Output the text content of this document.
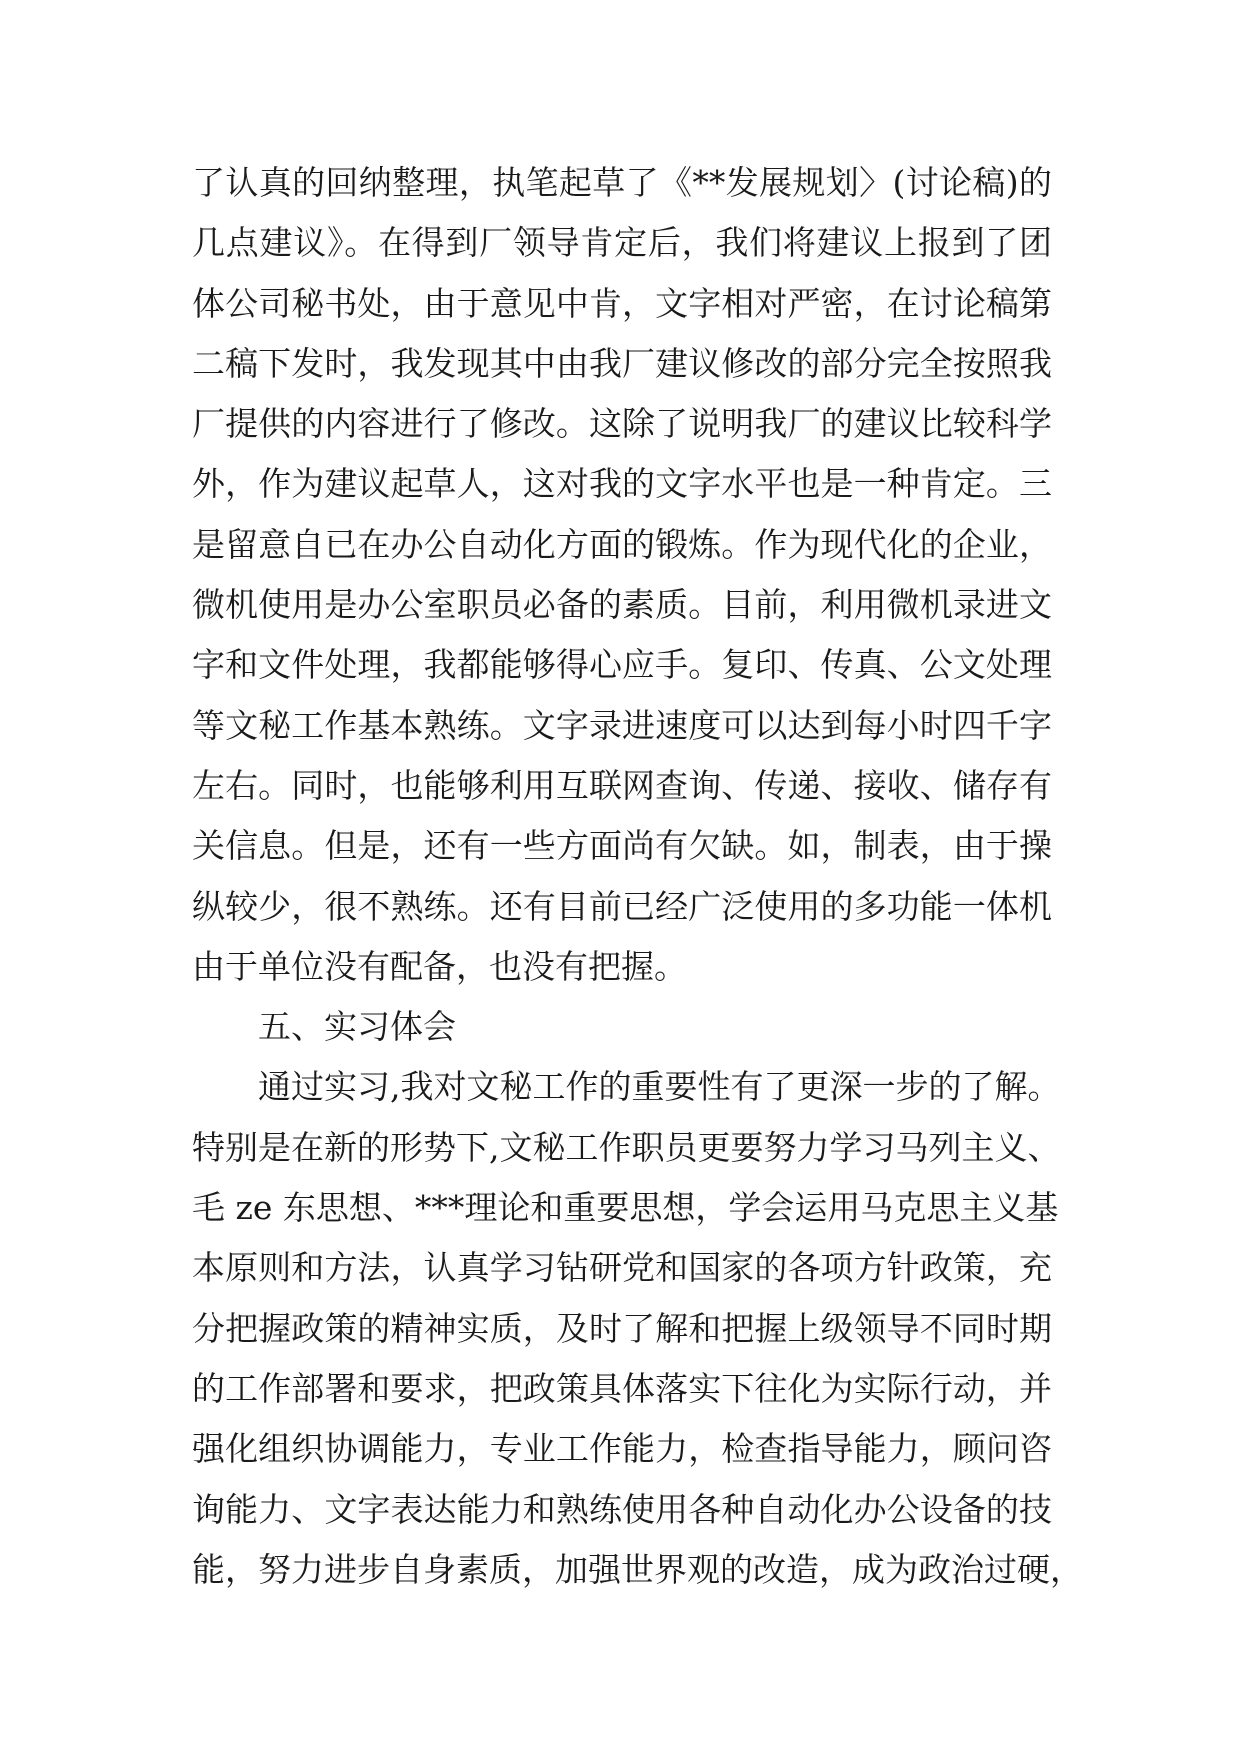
了认真的回纳整理，执笔起草了《**发展规划〉(讨论稿)的
几点建议》。在得到厂领导肯定后，我们将建议上报到了团
体公司秘书处，由于意见中肯，文字相对严密，在讨论稿第
二稿下发时，我发现其中由我厂建议修改的部分完全按照我
厂提供的内容进行了修改。这除了说明我厂的建议比较科学
外，作为建议起草人，这对我的文字水平也是一种肯定。三
是留意自已在办公自动化方面的锻炼。作为现代化的企业，
微机使用是办公室职员必备的素质。目前，利用微机录进文
字和文件处理，我都能够得心应手。复印、传真、公文处理
等文秘工作基本熟练。文字录进速度可以达到每小时四千字
左右。同时，也能够利用互联网查询、传递、接收、储存有
关信息。但是，还有一些方面尚有欠缺。如，制表，由于操
纵较少，很不熟练。还有目前已经广泛使用的多功能一体机
由于单位没有配备，也没有把握。
五、实习体会
通过实习,我对文秘工作的重要性有了更深一步的了解。
特别是在新的形势下,文秘工作职员更要努力学习马列主义、
毛 ze 东思想、***理论和重要思想，学会运用马克思主义基
本原则和方法，认真学习钻研党和国家的各项方针政策，充
分把握政策的精神实质，及时了解和把握上级领导不同时期
的工作部署和要求，把政策具体落实下往化为实际行动，并
强化组织协调能力，专业工作能力，检查指导能力，顾问咨
询能力、文字表达能力和熟练使用各种自动化办公设备的技
能，努力进步自身素质，加强世界观的改造，成为政治过硬，
